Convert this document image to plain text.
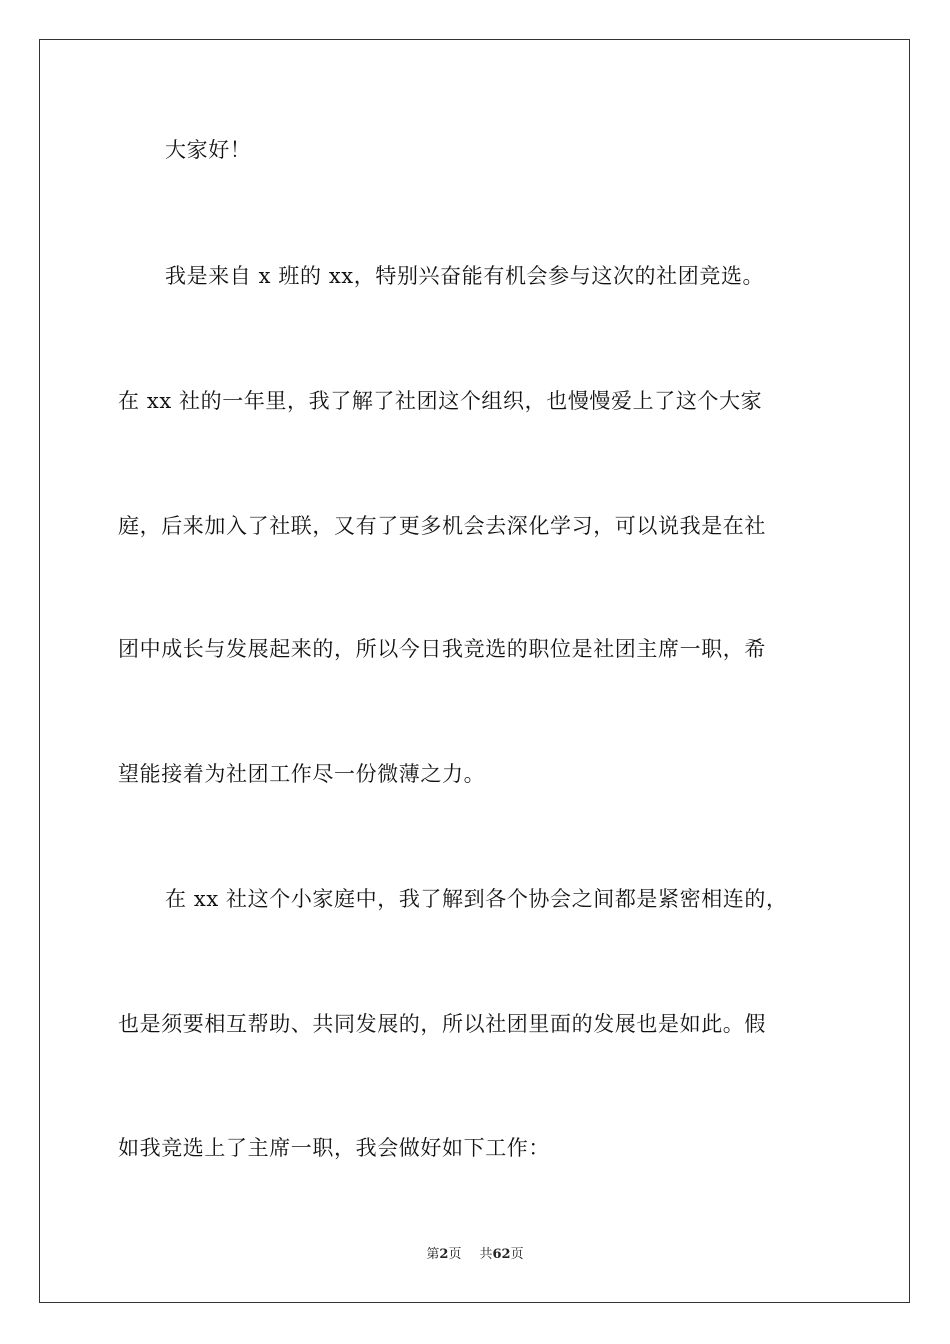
大家好！
我是来自 x 班的 xx，特别兴奋能有机会参与这次的社团竞选。
在 xx 社的一年里，我了解了社团这个组织，也慢慢爱上了这个大家
庭，后来加入了社联，又有了更多机会去深化学习，可以说我是在社
团中成长与发展起来的，所以今日我竞选的职位是社团主席一职，希
望能接着为社团工作尽一份微薄之力。
在 xx 社这个小家庭中，我了解到各个协会之间都是紧密相连的，
也是须要相互帮助、共同发展的，所以社团里面的发展也是如此。假
如我竞选上了主席一职，我会做好如下工作：
第2页 共62页
